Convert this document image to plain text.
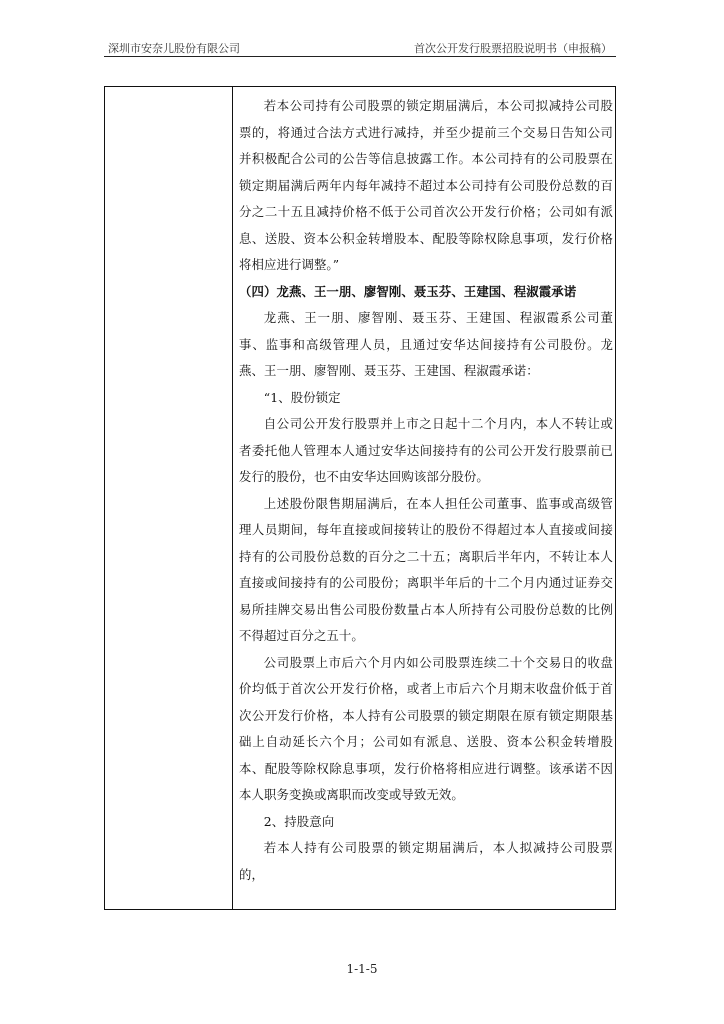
深圳市安奈儿股份有限公司	首次公开发行股票招股说明书（申报稿）

若本公司持有公司股票的锁定期届满后，本公司拟减持公司股票的，将通过合法方式进行减持，并至少提前三个交易日告知公司并积极配合公司的公告等信息披露工作。本公司持有的公司股票在锁定期届满后两年内每年减持不超过本公司持有公司股份总数的百分之二十五且减持价格不低于公司首次公开发行价格；公司如有派息、送股、资本公积金转增股本、配股等除权除息事项，发行价格将相应进行调整。”

（四）龙燕、王一朋、廖智刚、聂玉芬、王建国、程淑霞承诺

龙燕、王一朋、廖智刚、聂玉芬、王建国、程淑霞系公司董事、监事和高级管理人员，且通过安华达间接持有公司股份。龙燕、王一朋、廖智刚、聂玉芬、王建国、程淑霞承诺：

“1、股份锁定

自公司公开发行股票并上市之日起十二个月内，本人不转让或者委托他人管理本人通过安华达间接持有的公司公开发行股票前已发行的股份，也不由安华达回购该部分股份。

上述股份限售期届满后，在本人担任公司董事、监事或高级管理人员期间，每年直接或间接转让的股份不得超过本人直接或间接持有的公司股份总数的百分之二十五；离职后半年内，不转让本人直接或间接持有的公司股份；离职半年后的十二个月内通过证券交易所挂牌交易出售公司股份数量占本人所持有公司股份总数的比例不得超过百分之五十。

公司股票上市后六个月内如公司股票连续二十个交易日的收盘价均低于首次公开发行价格，或者上市后六个月期末收盘价低于首次公开发行价格，本人持有公司股票的锁定期限在原有锁定期限基础上自动延长六个月；公司如有派息、送股、资本公积金转增股本、配股等除权除息事项，发行价格将相应进行调整。该承诺不因本人职务变换或离职而改变或导致无效。

2、持股意向

若本人持有公司股票的锁定期届满后，本人拟减持公司股票的，

1-1-5
